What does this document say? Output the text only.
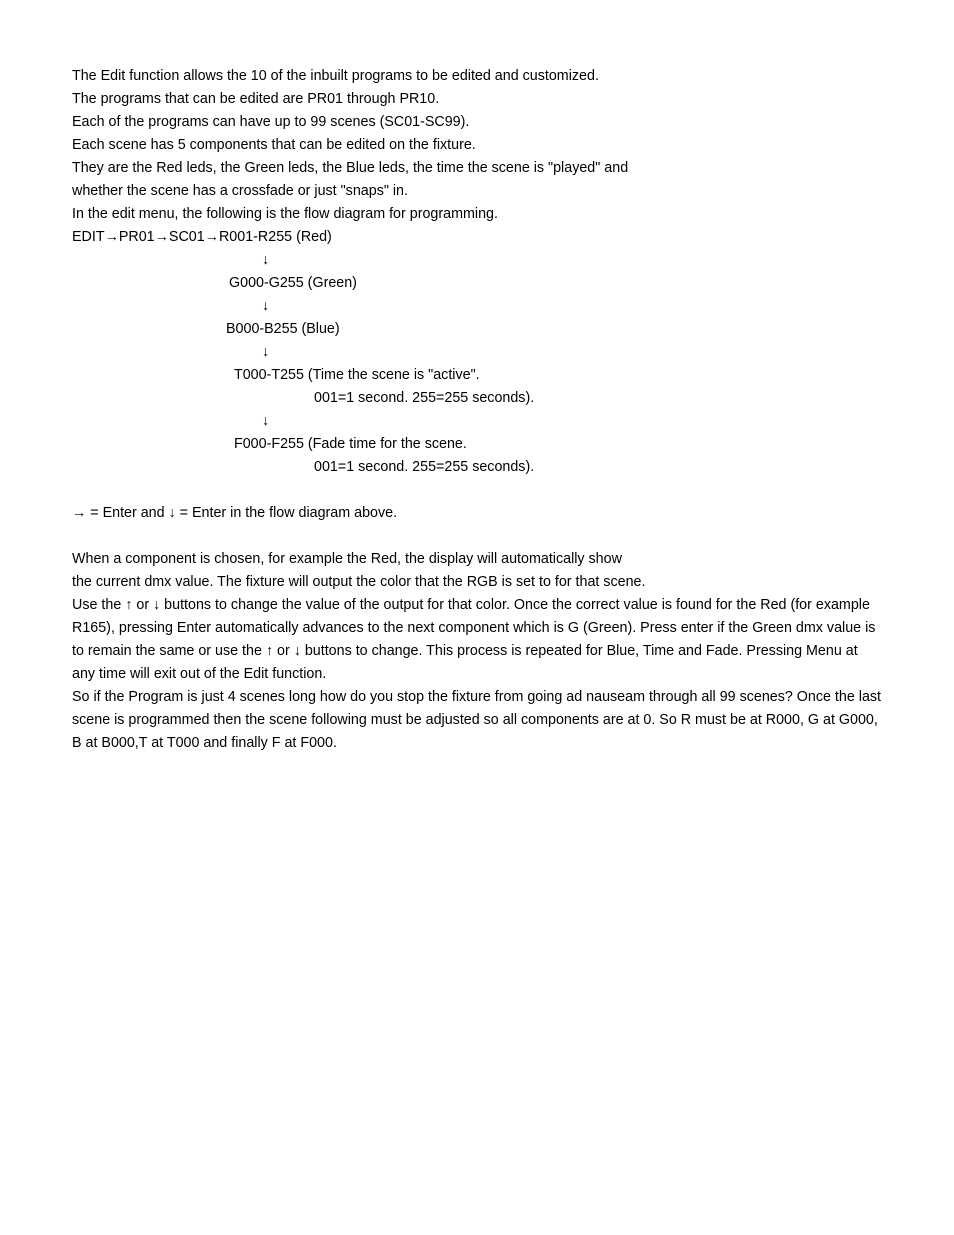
The Edit function allows the 10 of the inbuilt programs to be edited and customized.
The programs that can be edited are PR01 through PR10.
Each of the programs can have up to 99 scenes (SC01-SC99).
Each scene has 5 components that can be edited on the fixture.
They are the Red leds, the Green leds, the Blue leds, the time the scene is "played" and
whether the scene has a crossfade or just "snaps" in.
In the edit menu, the following is the flow diagram for programming.
EDIT→PR01→SC01→R001-R255 (Red)
↓
G000-G255 (Green)
↓
B000-B255 (Blue)
↓
T000-T255 (Time the scene is "active".
001=1 second. 255=255 seconds).
↓
F000-F255 (Fade time for the scene.
001=1 second. 255=255 seconds).
→ = Enter and ↓ = Enter in the flow diagram above.
When a component is chosen, for example the Red, the display will automatically show
the current dmx value. The fixture will output the color that the RGB is set to for that scene.
Use the ↑ or ↓ buttons to change the value of the output for that color. Once the correct value is found for the Red (for example R165), pressing Enter automatically advances to the next component which is G (Green). Press enter if the Green dmx value is to remain the same or use the ↑ or ↓ buttons to change. This process is repeated for Blue, Time and Fade. Pressing Menu at any time will exit out of the Edit function.
So if the Program is just 4 scenes long how do you stop the fixture from going ad nauseam through all 99 scenes? Once the last scene is programmed then the scene following must be adjusted so all components are at 0. So R must be at R000, G at G000, B at B000,T at T000 and finally F at F000.
